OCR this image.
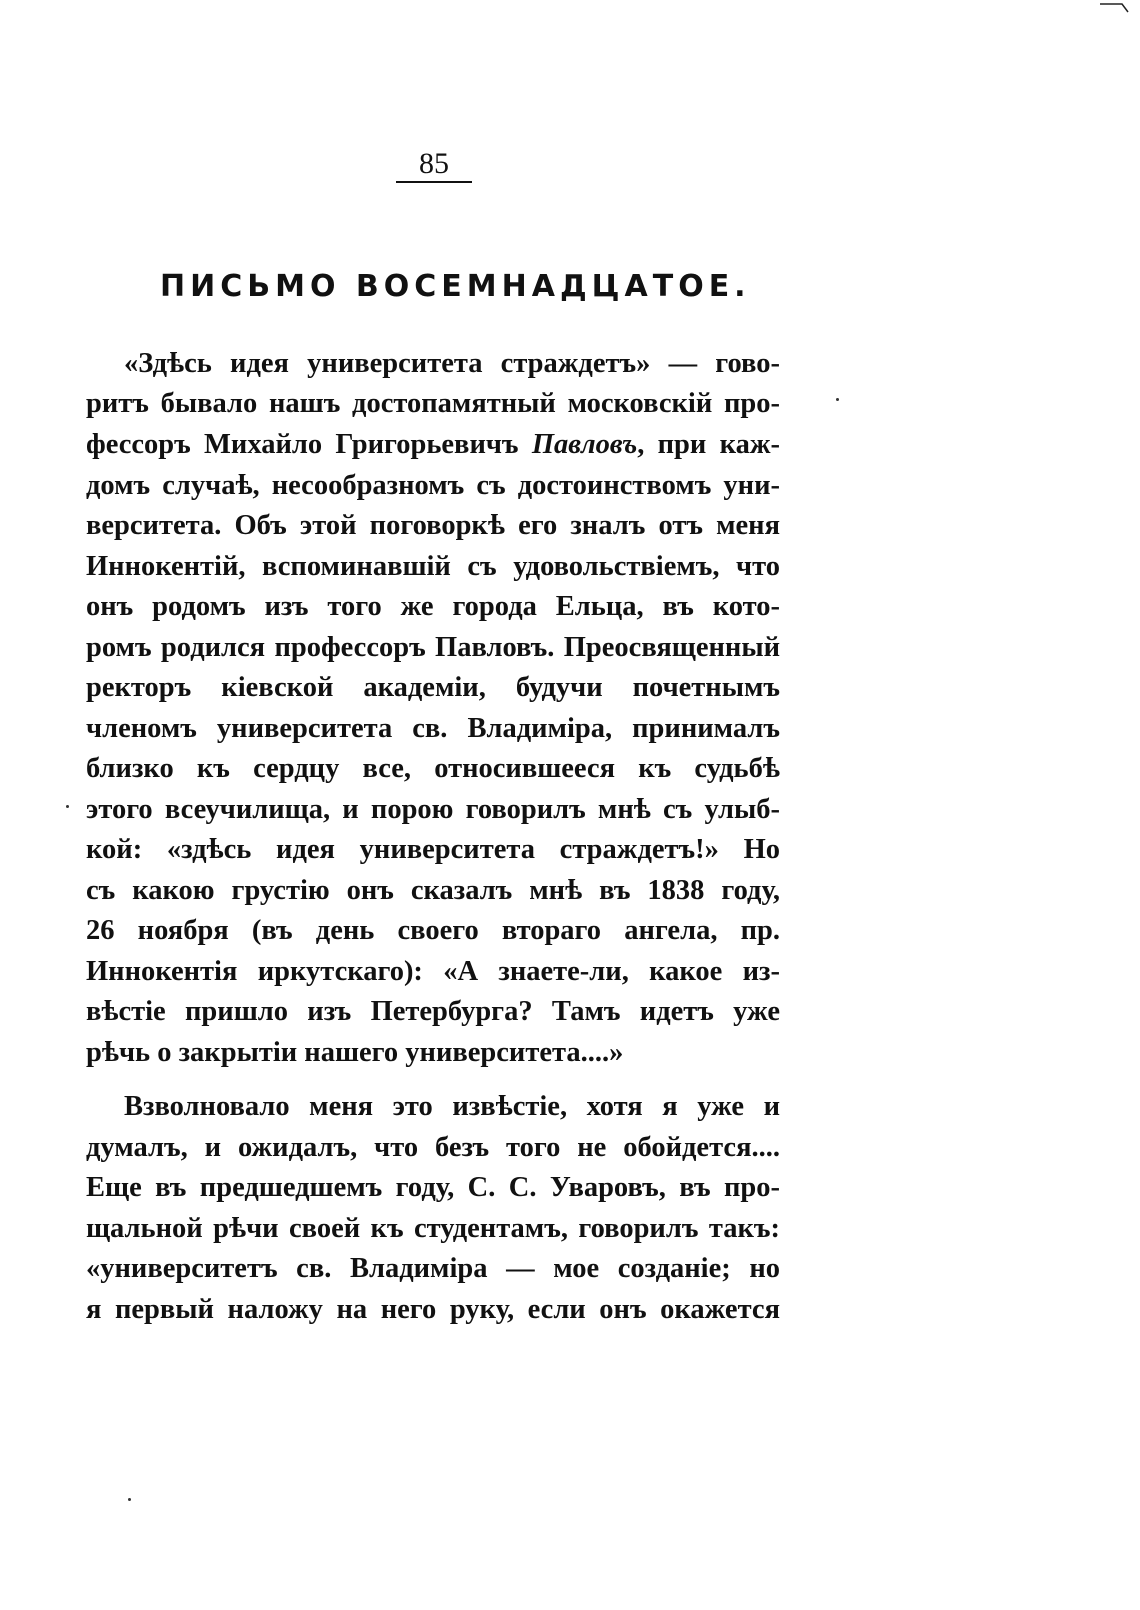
85
ПИСЬМО ВОСЕМНАДЦАТОЕ.

«Здѣсь идея университета страждетъ» — гово-

ритъ бывало нашъ достопамятный московскій про-

фессоръ Михайло Григорьевичъ Павловъ, при каж-

домъ случаѣ, несообразномъ съ достоинствомъ уни-

верситета. Объ этой поговоркѣ его зналъ отъ меня

Иннокентій, вспоминавшій съ удовольствіемъ, что

онъ родомъ изъ того же города Ельца, въ кото-

ромъ родился профессоръ Павловъ. Преосвященный

ректоръ кіевской академіи, будучи почетнымъ

членомъ университета св. Владиміра, принималъ

близко къ сердцу все, относившееся къ судьбѣ

этого всеучилища, и порою говорилъ мнѣ съ улыб-

кой: «здѣсь идея университета страждетъ!» Но

съ какою грустію онъ сказалъ мнѣ въ 1838 году,

26 ноября (въ день своего втораго ангела, пр.

Иннокентія иркутскаго): «А знаете-ли, какое из-

вѣстіе пришло изъ Петербурга? Тамъ идетъ уже

рѣчь о закрытіи нашего университета....»

Взволновало меня это извѣстіе, хотя я уже и

думалъ, и ожидалъ, что безъ того не обойдется....

Еще въ предшедшемъ году, С. С. Уваровъ, въ про-

щальной рѣчи своей къ студентамъ, говорилъ такъ:

«университетъ св. Владиміра — мое созданіе; но

я первый наложу на него руку, если онъ окажется
